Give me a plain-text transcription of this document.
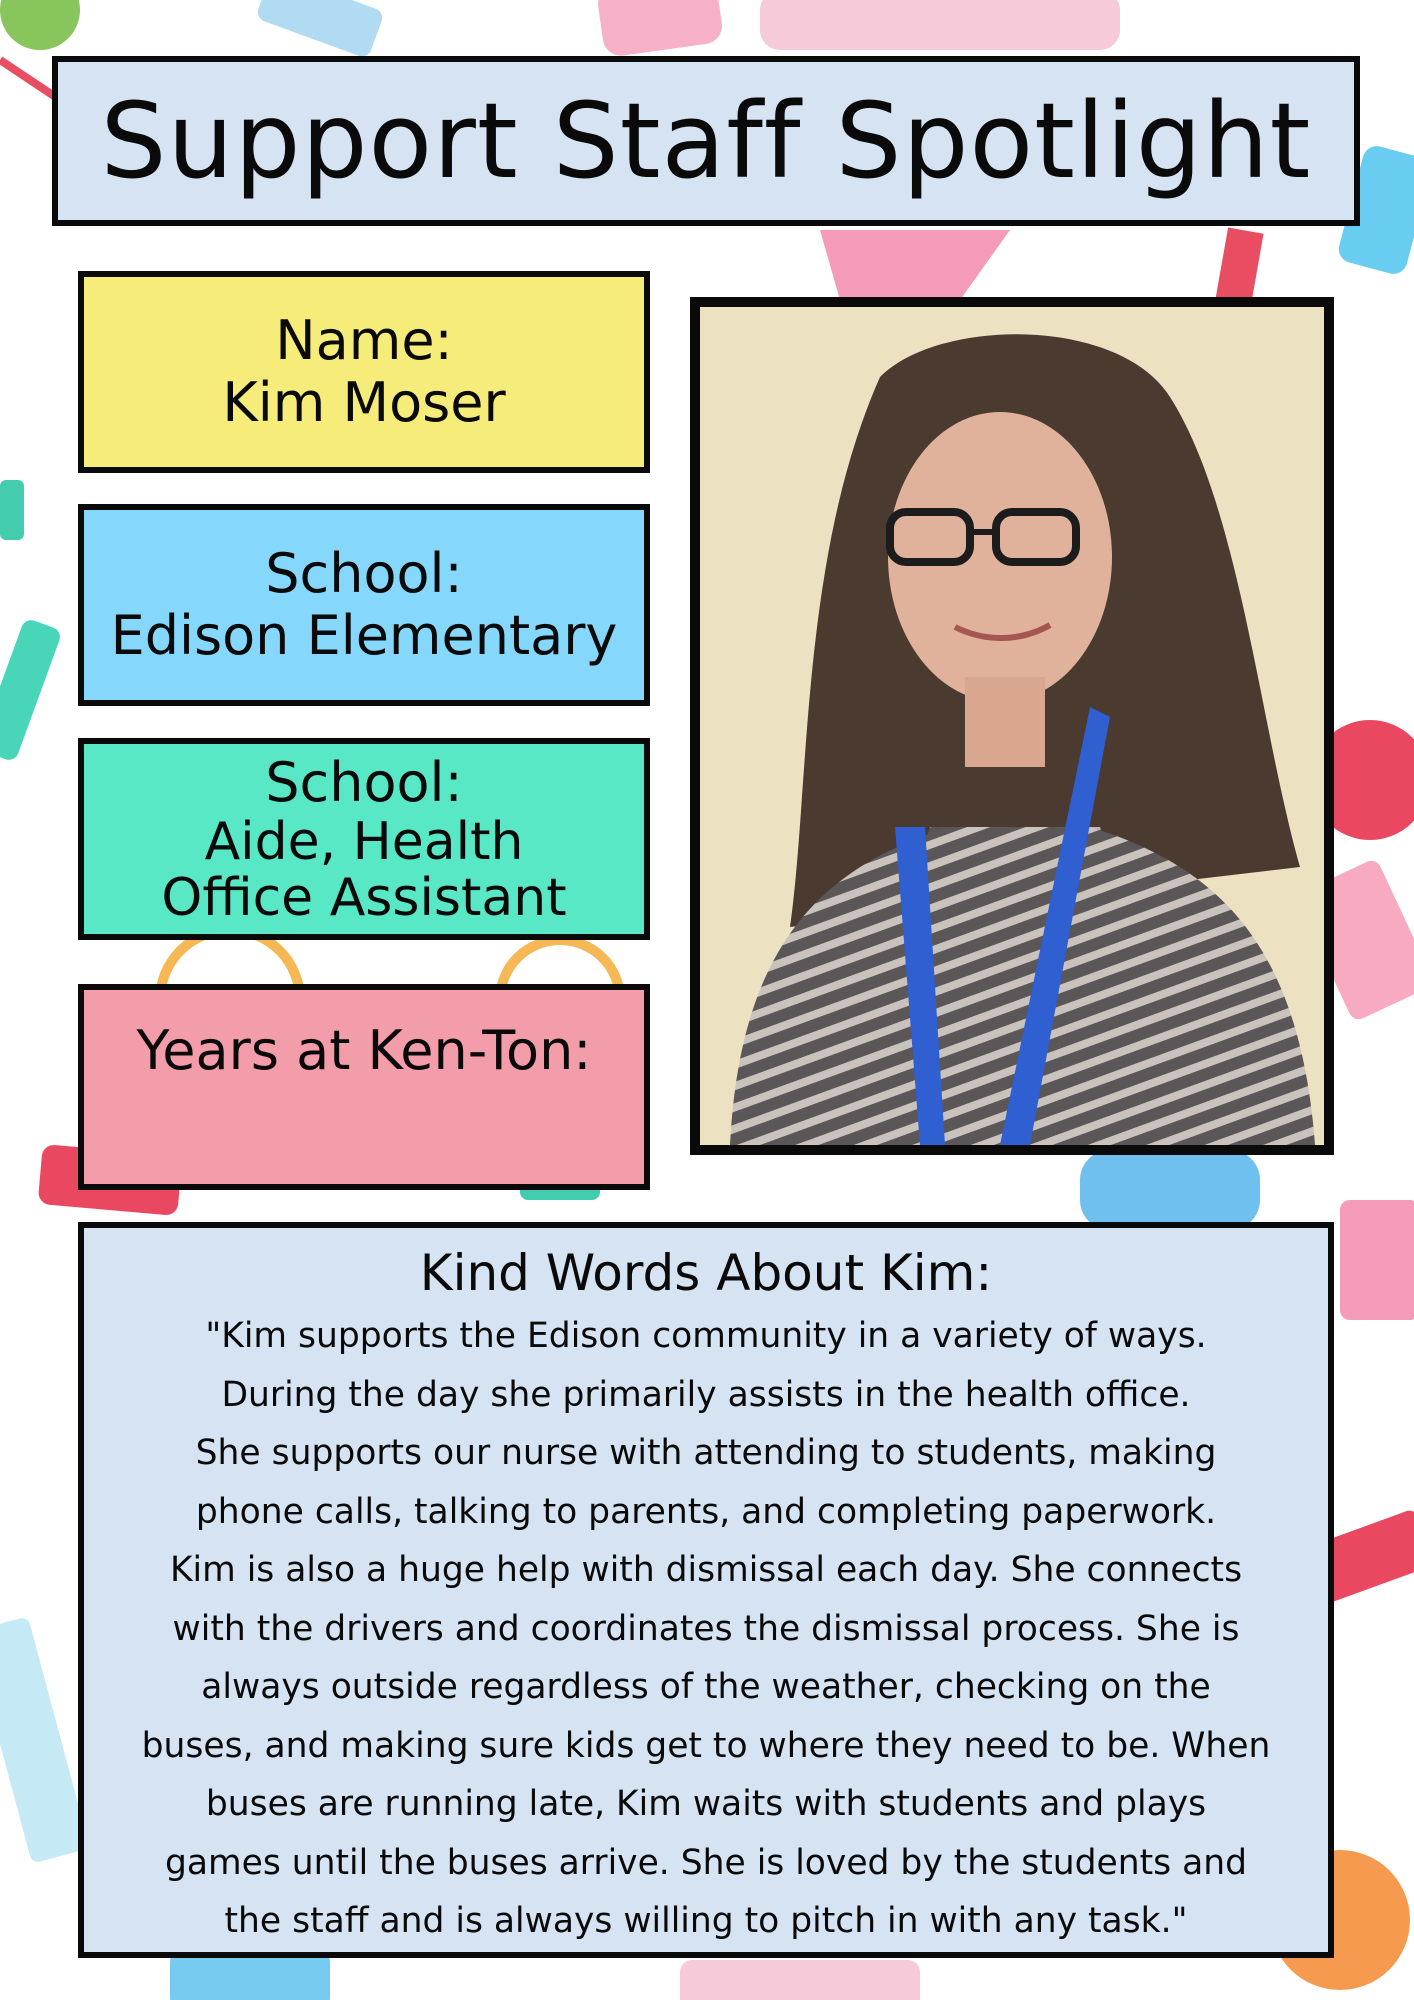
Support Staff Spotlight
Name:
Kim Moser
School:
Edison Elementary
School:
Aide, Health
Office Assistant
Years at Ken-Ton:
Kind Words About Kim:

"Kim supports the Edison community in a variety of ways.
During the day she primarily assists in the health office.
She supports our nurse with attending to students, making
phone calls, talking to parents, and completing paperwork.
Kim is also a huge help with dismissal each day. She connects
with the drivers and coordinates the dismissal process. She is
always outside regardless of the weather, checking on the
buses, and making sure kids get to where they need to be. When
buses are running late, Kim waits with students and plays
games until the buses arrive. She is loved by the students and
the staff and is always willing to pitch in with any task."
